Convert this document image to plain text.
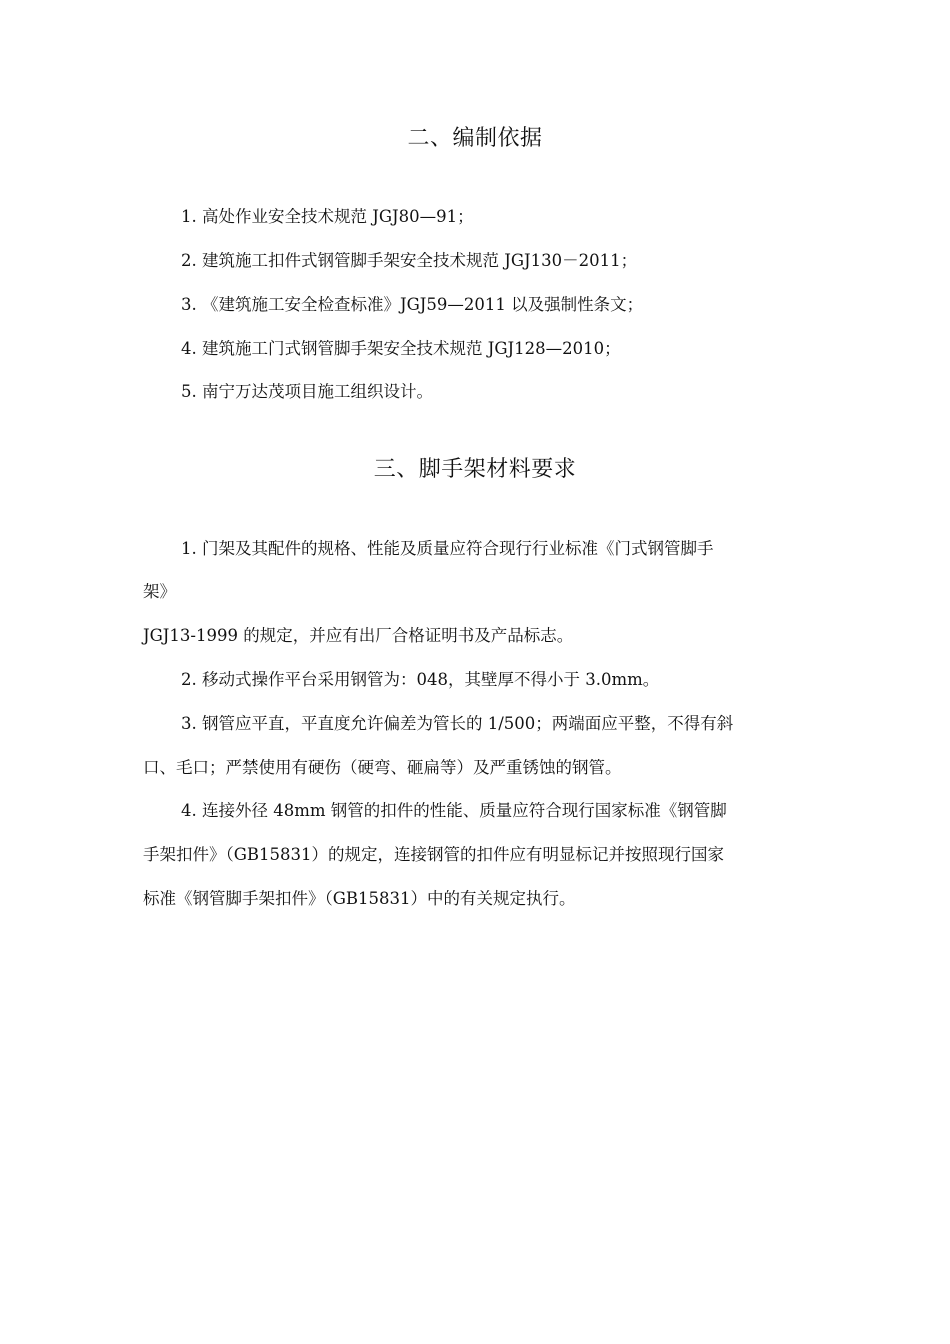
二、编制依据
1. 高处作业安全技术规范 JGJ80—91；
2. 建筑施工扣件式钢管脚手架安全技术规范 JGJ130－2011；
3. 《建筑施工安全检查标准》JGJ59—2011 以及强制性条文；
4. 建筑施工门式钢管脚手架安全技术规范 JGJ128—2010；
5. 南宁万达茂项目施工组织设计。
三、脚手架材料要求
1. 门架及其配件的规格、性能及质量应符合现行行业标准《门式钢管脚手
架》
JGJ13-1999 的规定，并应有出厂合格证明书及产品标志。
2. 移动式操作平台采用钢管为：048，其壁厚不得小于 3.0mm。
3. 钢管应平直，平直度允许偏差为管长的 1/500；两端面应平整，不得有斜
口、毛口；严禁使用有硬伤（硬弯、砸扁等）及严重锈蚀的钢管。
4. 连接外径 48mm 钢管的扣件的性能、质量应符合现行国家标准《钢管脚
手架扣件》（GB15831）的规定，连接钢管的扣件应有明显标记并按照现行国家
标准《钢管脚手架扣件》（GB15831）中的有关规定执行。
